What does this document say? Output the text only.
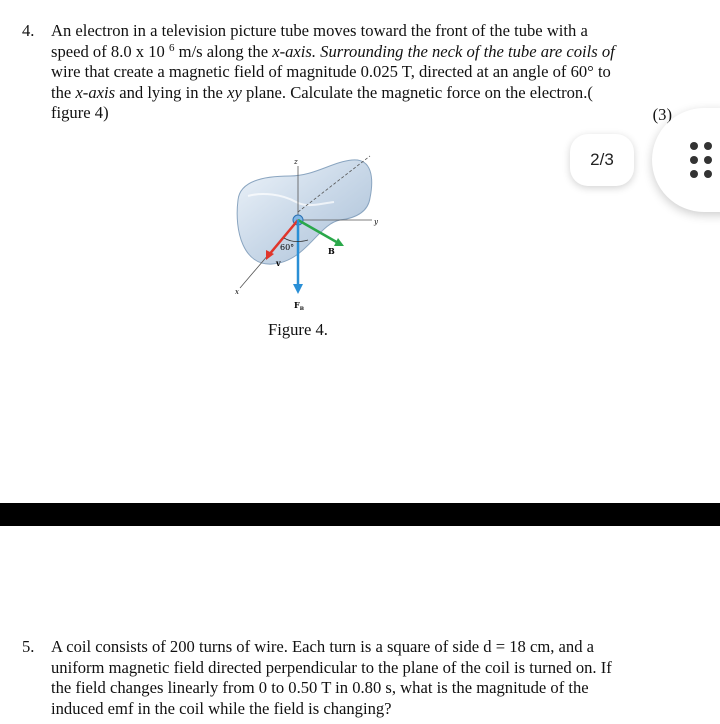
4. An electron in a television picture tube moves toward the front of the tube with a
speed of 8.0 x 10 $^6$ m/s along the x-axis. Surrounding the neck of the tube are coils of
wire that create a magnetic field of magnitude 0.025 T, directed at an angle of 60° to
the x-axis and lying in the xy plane. Calculate the magnetic force on the electron.(
figure 4)	(3)
z
y
x
60°	B
v
$F_B$
Figure 4.
2/3
5. A coil consists of 200 turns of wire. Each turn is a square of side d = 18 cm, and a
uniform magnetic field directed perpendicular to the plane of the coil is turned on. If
the field changes linearly from 0 to 0.50 T in 0.80 s, what is the magnitude of the
induced emf in the coil while the field is changing?
